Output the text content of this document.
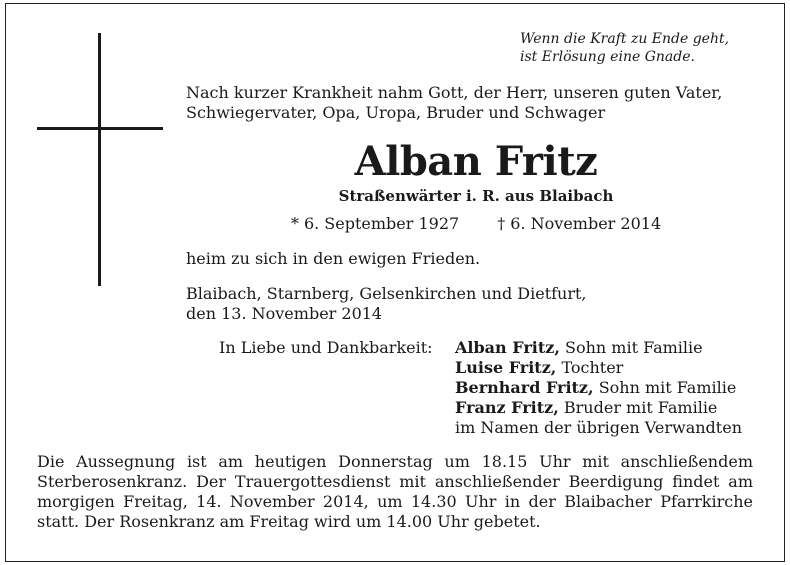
Wenn die Kraft zu Ende geht,
ist Erlösung eine Gnade.
Nach kurzer Krankheit nahm Gott, der Herr, unseren guten Vater,
Schwiegervater, Opa, Uropa, Bruder und Schwager
Alban Fritz
Straßenwärter i. R. aus Blaibach
* 6. September 1927 † 6. November 2014
heim zu sich in den ewigen Frieden.
Blaibach, Starnberg, Gelsenkirchen und Dietfurt,
den 13. November 2014
In Liebe und Dankbarkeit: Alban Fritz, Sohn mit Familie
Luise Fritz, Tochter
Bernhard Fritz, Sohn mit Familie
Franz Fritz, Bruder mit Familie
im Namen der übrigen Verwandten
Die Aussegnung ist am heutigen Donnerstag um 18.15 Uhr mit anschließendem
Sterberosenkranz. Der Trauergottesdienst mit anschließender Beerdigung findet am
morgigen Freitag, 14. November 2014, um 14.30 Uhr in der Blaibacher Pfarrkirche
statt. Der Rosenkranz am Freitag wird um 14.00 Uhr gebetet.
